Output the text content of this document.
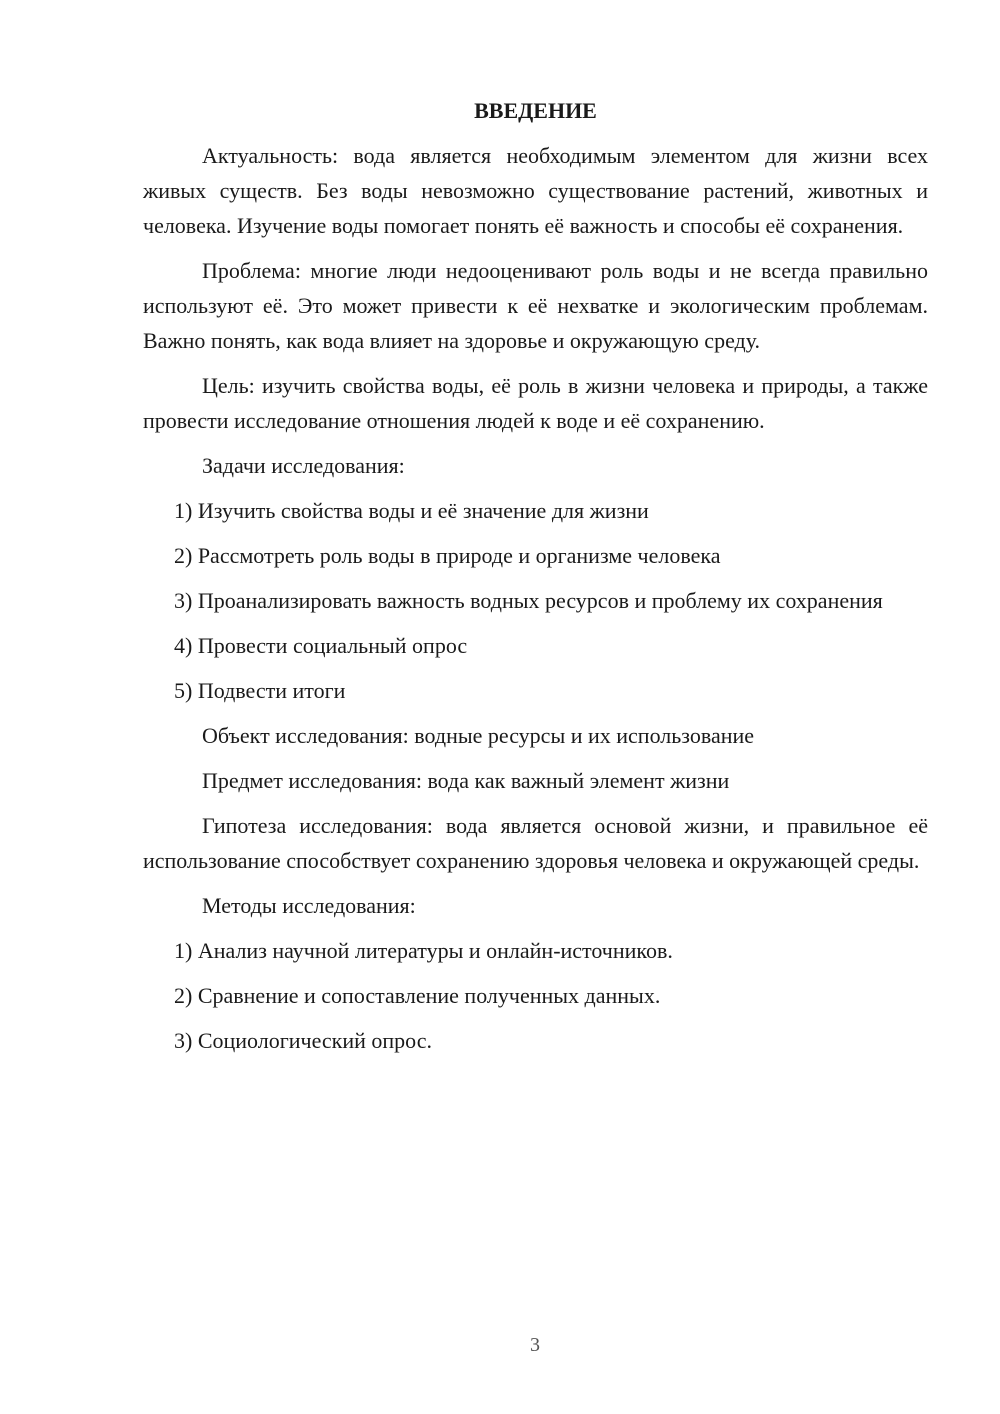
ВВЕДЕНИЕ

Актуальность: вода является необходимым элементом для жизни всех живых существ. Без воды невозможно существование растений, животных и человека. Изучение воды помогает понять её важность и способы её сохранения.

Проблема: многие люди недооценивают роль воды и не всегда правильно используют её. Это может привести к её нехватке и экологическим проблемам. Важно понять, как вода влияет на здоровье и окружающую среду.

Цель: изучить свойства воды, её роль в жизни человека и природы, а также провести исследование отношения людей к воде и её сохранению.

Задачи исследования:

1) Изучить свойства воды и её значение для жизни

2) Рассмотреть роль воды в природе и организме человека

3) Проанализировать важность водных ресурсов и проблему их сохранения

4) Провести социальный опрос

5) Подвести итоги

Объект исследования: водные ресурсы и их использование

Предмет исследования: вода как важный элемент жизни

Гипотеза исследования: вода является основой жизни, и правильное её использование способствует сохранению здоровья человека и окружающей среды.

Методы исследования:

1) Анализ научной литературы и онлайн-источников.

2) Сравнение и сопоставление полученных данных.

3) Социологический опрос.

3
